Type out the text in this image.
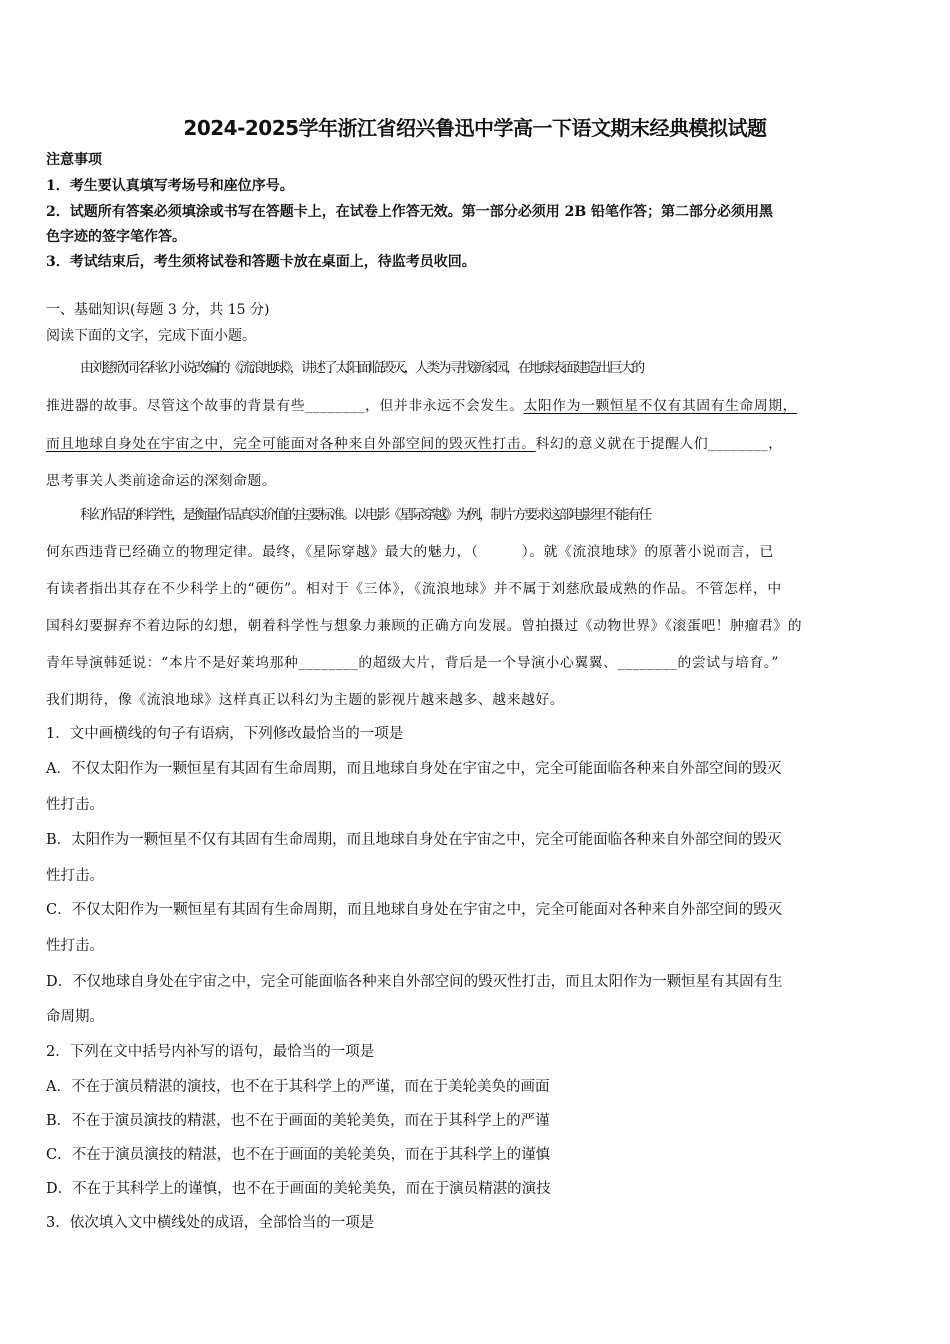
2024-2025学年浙江省绍兴鲁迅中学高一下语文期末经典模拟试题
注意事项
1．考生要认真填写考场号和座位序号。
2．试题所有答案必须填涂或书写在答题卡上，在试卷上作答无效。第一部分必须用 2B 铅笔作答；第二部分必须用黑
色字迹的签字笔作答。
3．考试结束后，考生须将试卷和答题卡放在桌面上，待监考员收回。
一、基础知识(每题 3 分，共 15 分)
阅读下面的文字，完成下面小题。
由刘慈欣同名科幻小说改编的《流浪地球》，讲述了太阳面临毁灭，人类为寻找新家园，在地球表面建造出巨大的
推进器的故事。尽管这个故事的背景有些________，但并非永远不会发生。太阳作为一颗恒星不仅有其固有生命周期，
而且地球自身处在宇宙之中，完全可能面对各种来自外部空间的毁灭性打击。科幻的意义就在于提醒人们________，
思考事关人类前途命运的深刻命题。
科幻作品的科学性，是衡量作品真实价值的主要标准。以电影《星际穿越》为例，制片方要求这部电影里不能有任
何东西违背已经确立的物理定律。最终，《星际穿越》最大的魅力，（　　　）。就《流浪地球》的原著小说而言，已
有读者指出其存在不少科学上的“硬伤”。相对于《三体》，《流浪地球》并不属于刘慈欣最成熟的作品。不管怎样，中
国科幻要摒弃不着边际的幻想，朝着科学性与想象力兼顾的正确方向发展。曾拍摄过《动物世界》《滚蛋吧！肿瘤君》的
青年导演韩延说：“本片不是好莱坞那种________的超级大片，背后是一个导演小心翼翼、________的尝试与培育。”
我们期待，像《流浪地球》这样真正以科幻为主题的影视片越来越多、越来越好。
1．文中画横线的句子有语病，下列修改最恰当的一项是
A．不仅太阳作为一颗恒星有其固有生命周期，而且地球自身处在宇宙之中，完全可能面临各种来自外部空间的毁灭
性打击。
B．太阳作为一颗恒星不仅有其固有生命周期，而且地球自身处在宇宙之中，完全可能面临各种来自外部空间的毁灭
性打击。
C．不仅太阳作为一颗恒星有其固有生命周期，而且地球自身处在宇宙之中，完全可能面对各种来自外部空间的毁灭
性打击。
D．不仅地球自身处在宇宙之中，完全可能面临各种来自外部空间的毁灭性打击，而且太阳作为一颗恒星有其固有生
命周期。
2．下列在文中括号内补写的语句，最恰当的一项是
A．不在于演员精湛的演技，也不在于其科学上的严谨，而在于美轮美奂的画面
B．不在于演员演技的精湛，也不在于画面的美轮美奂，而在于其科学上的严谨
C．不在于演员演技的精湛，也不在于画面的美轮美奂，而在于其科学上的谨慎
D．不在于其科学上的谨慎，也不在于画面的美轮美奂，而在于演员精湛的演技
3．依次填入文中横线处的成语，全部恰当的一项是
